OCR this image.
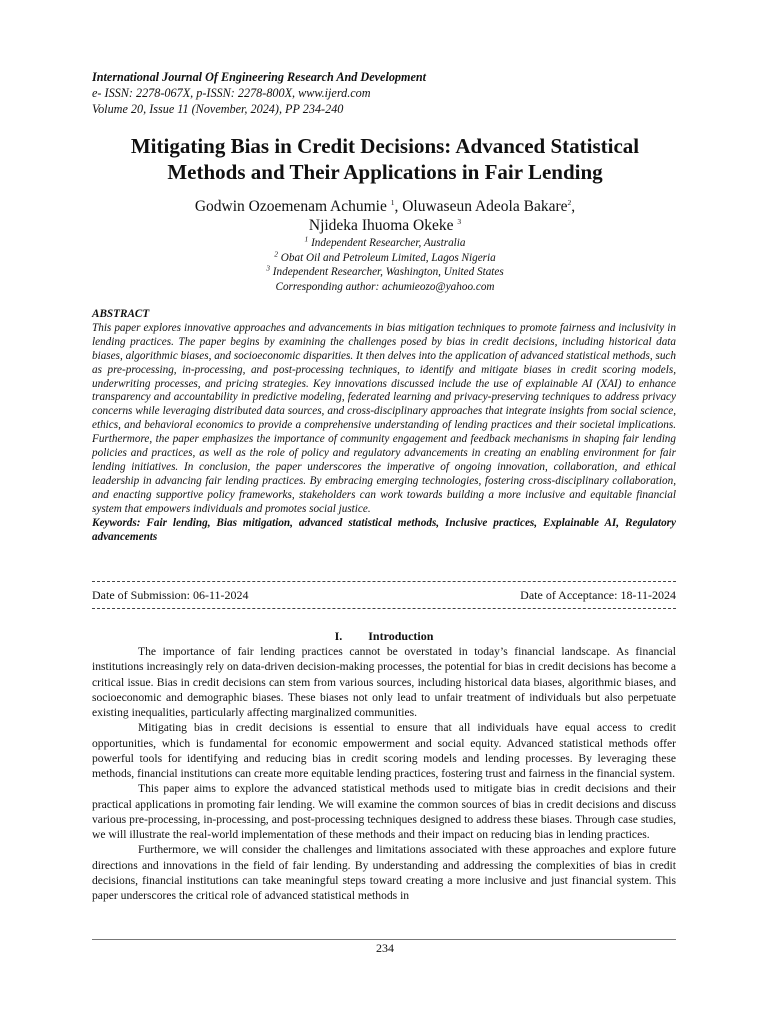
International Journal Of Engineering Research And Development
e- ISSN: 2278-067X, p-ISSN: 2278-800X, www.ijerd.com
Volume 20, Issue 11 (November, 2024), PP 234-240
Mitigating Bias in Credit Decisions: Advanced Statistical
Methods and Their Applications in Fair Lending
Godwin Ozoemenam Achumie $^1$, Oluwaseun Adeola Bakare$^2$,
Njideka Ihuoma Okeke $^3$
$^1$ Independent Researcher, Australia
$^2$ Obat Oil and Petroleum Limited, Lagos Nigeria
$^3$ Independent Researcher, Washington, United States
Corresponding author: achumieozo@yahoo.com
ABSTRACT
This paper explores innovative approaches and advancements in bias mitigation techniques to promote fairness and inclusivity in lending practices. The paper begins by examining the challenges posed by bias in credit decisions, including historical data biases, algorithmic biases, and socioeconomic disparities. It then delves into the application of advanced statistical methods, such as pre-processing, in-processing, and post-processing techniques, to identify and mitigate biases in credit scoring models, underwriting processes, and pricing strategies. Key innovations discussed include the use of explainable AI (XAI) to enhance transparency and accountability in predictive modeling, federated learning and privacy-preserving techniques to address privacy concerns while leveraging distributed data sources, and cross-disciplinary approaches that integrate insights from social science, ethics, and behavioral economics to provide a comprehensive understanding of lending practices and their societal implications. Furthermore, the paper emphasizes the importance of community engagement and feedback mechanisms in shaping fair lending policies and practices, as well as the role of policy and regulatory advancements in creating an enabling environment for fair lending initiatives. In conclusion, the paper underscores the imperative of ongoing innovation, collaboration, and ethical leadership in advancing fair lending practices. By embracing emerging technologies, fostering cross-disciplinary collaboration, and enacting supportive policy frameworks, stakeholders can work towards building a more inclusive and equitable financial system that empowers individuals and promotes social justice.
Keywords: Fair lending, Bias mitigation, advanced statistical methods, Inclusive practices, Explainable AI, Regulatory advancements
Date of Submission: 06-11-2024	Date of Acceptance: 18-11-2024
I. Introduction

The importance of fair lending practices cannot be overstated in today’s financial landscape. As financial institutions increasingly rely on data-driven decision-making processes, the potential for bias in credit decisions has become a critical issue. Bias in credit decisions can stem from various sources, including historical data biases, algorithmic biases, and socioeconomic and demographic biases. These biases not only lead to unfair treatment of individuals but also perpetuate existing inequalities, particularly affecting marginalized communities.

Mitigating bias in credit decisions is essential to ensure that all individuals have equal access to credit opportunities, which is fundamental for economic empowerment and social equity. Advanced statistical methods offer powerful tools for identifying and reducing bias in credit scoring models and lending processes. By leveraging these methods, financial institutions can create more equitable lending practices, fostering trust and fairness in the financial system.

This paper aims to explore the advanced statistical methods used to mitigate bias in credit decisions and their practical applications in promoting fair lending. We will examine the common sources of bias in credit decisions and discuss various pre-processing, in-processing, and post-processing techniques designed to address these biases. Through case studies, we will illustrate the real-world implementation of these methods and their impact on reducing bias in lending practices.

Furthermore, we will consider the challenges and limitations associated with these approaches and explore future directions and innovations in the field of fair lending. By understanding and addressing the complexities of bias in credit decisions, financial institutions can take meaningful steps toward creating a more inclusive and just financial system. This paper underscores the critical role of advanced statistical methods in

234
